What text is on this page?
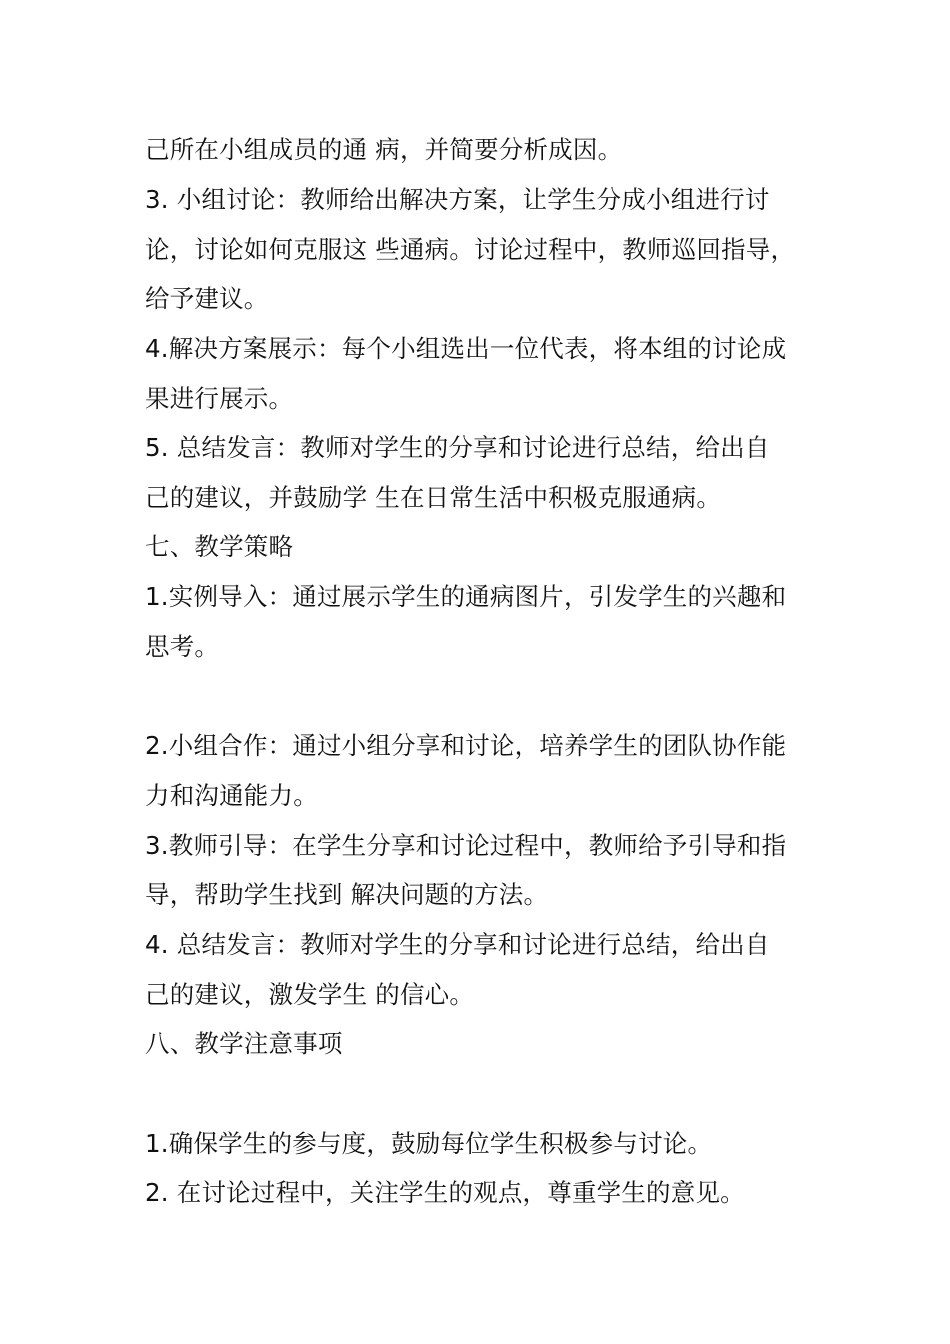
己所在小组成员的通 病，并简要分析成因。
3. 小组讨论：教师给出解决方案，让学生分成小组进行讨
论，讨论如何克服这 些通病。讨论过程中，教师巡回指导，
给予建议。
4.解决方案展示：每个小组选出一位代表，将本组的讨论成
果进行展示。
5. 总结发言：教师对学生的分享和讨论进行总结，给出自
己的建议，并鼓励学 生在日常生活中积极克服通病。
七、教学策略
1.实例导入：通过展示学生的通病图片，引发学生的兴趣和
思考。
2.小组合作：通过小组分享和讨论，培养学生的团队协作能
力和沟通能力。
3.教师引导：在学生分享和讨论过程中，教师给予引导和指
导，帮助学生找到 解决问题的方法。
4. 总结发言：教师对学生的分享和讨论进行总结，给出自
己的建议，激发学生 的信心。
八、教学注意事项
1.确保学生的参与度，鼓励每位学生积极参与讨论。
2. 在讨论过程中，关注学生的观点，尊重学生的意见。
